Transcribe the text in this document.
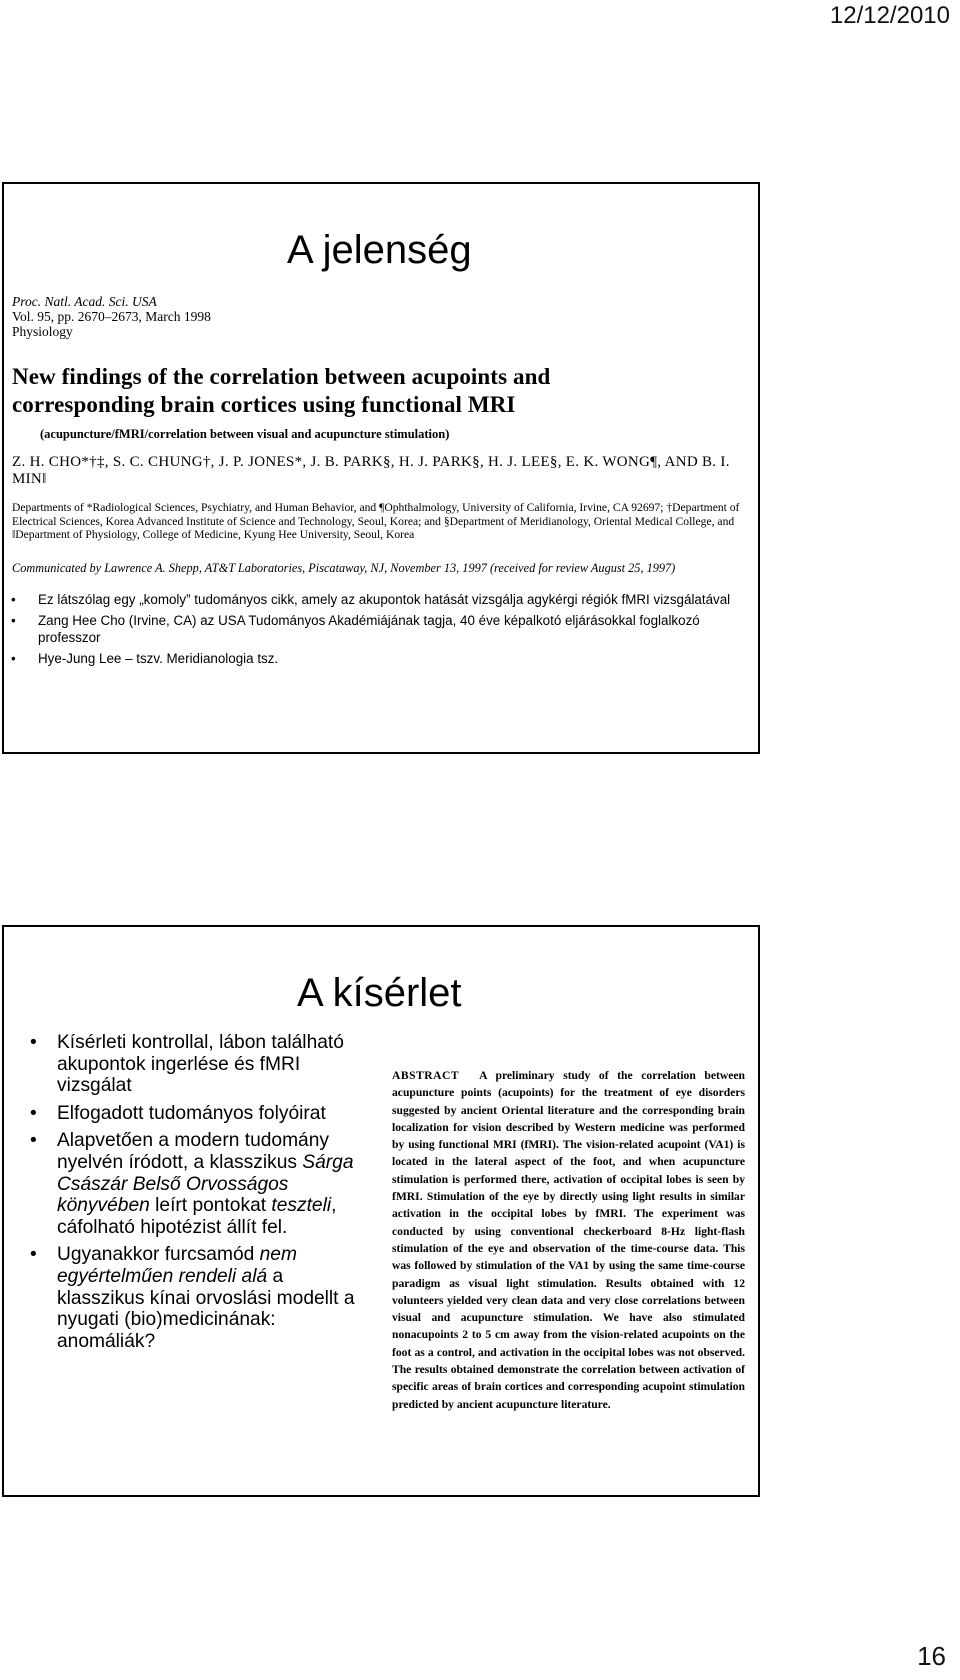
12/12/2010
A jelenség
Proc. Natl. Acad. Sci. USA
Vol. 95, pp. 2670–2673, March 1998
Physiology
New findings of the correlation between acupoints and
corresponding brain cortices using functional MRI
(acupuncture/fMRI/correlation between visual and acupuncture stimulation)
Z. H. CHO*†‡, S. C. CHUNG†, J. P. JONES*, J. B. PARK§, H. J. PARK§, H. J. LEE§, E. K. WONG¶, AND B. I. MIN‖
Departments of *Radiological Sciences, Psychiatry, and Human Behavior, and ¶Ophthalmology, University of California, Irvine, CA 92697; †Department of
Electrical Sciences, Korea Advanced Institute of Science and Technology, Seoul, Korea; and §Department of Meridianology, Oriental Medical College, and
‖Department of Physiology, College of Medicine, Kyung Hee University, Seoul, Korea
Communicated by Lawrence A. Shepp, AT&T Laboratories, Piscataway, NJ, November 13, 1997 (received for review August 25, 1997)
• Ez látszólag egy „komoly” tudományos cikk, amely az akupontok hatását vizsgálja agykérgi régiók fMRI vizsgálatával
• Zang Hee Cho (Irvine, CA) az USA Tudományos Akadémiájának tagja, 40 éve képalkotó eljárásokkal foglalkozó professzor
• Hye-Jung Lee – tszv. Meridianologia tsz.
A kísérlet
• Kísérleti kontrollal, lábon található akupontok ingerlése és fMRI vizsgálat
• Elfogadott tudományos folyóirat
• Alapvetően a modern tudomány nyelvén íródott, a klasszikus Sárga Császár Belső Orvosságos könyvében leírt pontokat teszteli, cáfolható hipotézist állít fel.
• Ugyanakkor furcsamód nem egyértelműen rendeli alá a klasszikus kínai orvoslási modellt a nyugati (bio)medicinának: anomáliák?
ABSTRACT A preliminary study of the correlation between acupuncture points (acupoints) for the treatment of eye disorders suggested by ancient Oriental literature and the corresponding brain localization for vision described by Western medicine was performed by using functional MRI (fMRI). The vision-related acupoint (VA1) is located in the lateral aspect of the foot, and when acupuncture stimulation is performed there, activation of occipital lobes is seen by fMRI. Stimulation of the eye by directly using light results in similar activation in the occipital lobes by fMRI. The experiment was conducted by using conventional checkerboard 8-Hz light-flash stimulation of the eye and observation of the time-course data. This was followed by stimulation of the VA1 by using the same time-course paradigm as visual light stimulation. Results obtained with 12 volunteers yielded very clean data and very close correlations between visual and acupuncture stimulation. We have also stimulated nonacupoints 2 to 5 cm away from the vision-related acupoints on the foot as a control, and activation in the occipital lobes was not observed. The results obtained demonstrate the correlation between activation of specific areas of brain cortices and corresponding acupoint stimulation predicted by ancient acupuncture literature.
16
